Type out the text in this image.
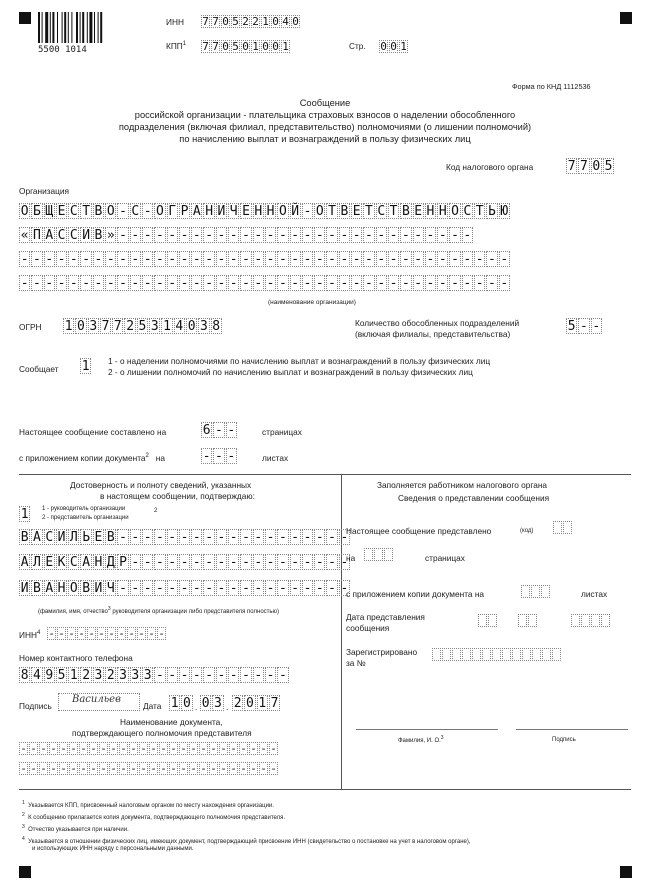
5500 1014
ИНН 7 7 0 5 2 2 1 0 4 0
КПП$^1$ 7 7 0 5 0 1 0 0 1	Стр. 0 0 1
Форма по КНД 1112536
Сообщение
российской организации - плательщика страховых взносов о наделении обособленного
подразделения (включая филиал, представительство) полномочиями (о лишении полномочий)
по начислению выплат и вознаграждений в пользу физических лиц
Код налогового органа	7 7 0 5
Организация
О Б Щ Е С Т В О - С - О Г Р А Н И Ч Е Н Н О Й - О Т В Е Т С Т В Е Н Н О С Т Ь Ю
« П А С С И В » - - - - - - - - - - - - - - - - - - - - - - - - - - - - -
- - - - - - - - - - - - - - - - - - - - - - - - - - - - - - - - - - - - - - - -
- - - - - - - - - - - - - - - - - - - - - - - - - - - - - - - - - - - - - - - -
(наименование организации)
ОГРН 1 0 3 7 7 2 5 3 1 4 0 3 8	Количество обособленных подразделений
(включая филиалы, представительства)	5 - -
Сообщает 1 1 - о наделении полномочиями по начислению выплат и вознаграждений в пользу физических лиц
2 - о лишении полномочий по начислению выплат и вознаграждений в пользу физических лиц
Настоящее сообщение составлено на	6 - -	страницах
с приложением копии документа$^2$ на	- - -	листах
Достоверность и полноту сведений, указанных
в настоящем сообщении, подтверждаю:
1 1 - руководитель организации
2 - представитель организации
2
В А С И Л Ь Е В - - - - - - - - - - - - - - - - - - -
А Л Е К С А Н Д Р - - - - - - - - - - - - - - - - - -
И В А Н О В И Ч - - - - - - - - - - - - - - - - - - -
(фамилия, имя, отчество$^3$ руководителя организации либо представителя полностью)
ИНН$^4$ - - - - - - - - - - - -
Номер контактного телефона
8 4 9 5 1 2 3 2 3 3 3 - - - - - - - - - - -
Подпись
Васильев
Дата 1 0 . 0 3 . 2 0 1 7
Наименование документа,
подтверждающего полномочия представителя
- - - - - - - - - - - - - - - - - - - - - - - - - -
- - - - - - - - - - - - - - - - - - - - - - - - - -
Заполняется работником налогового органа
Сведения о представлении сообщения
Настоящее сообщение представлено	(код)
на	страницах
с приложением копии документа на	листах
Дата представления
сообщения
Зарегистрировано
за №
Фамилия, И. О.$^3$	Подпись
$^1$ Указывается КПП, присвоенный налоговым органом по месту нахождения организации.
$^2$ К сообщению прилагается копия документа, подтверждающего полномочия представителя.
$^3$ Отчество указывается при наличии.
$^4$ Указывается в отношении физических лиц, имеющих документ, подтверждающий присвоение ИНН (свидетельство о постановке на учет в налоговом органе),
и использующих ИНН наряду с персональными данными.
